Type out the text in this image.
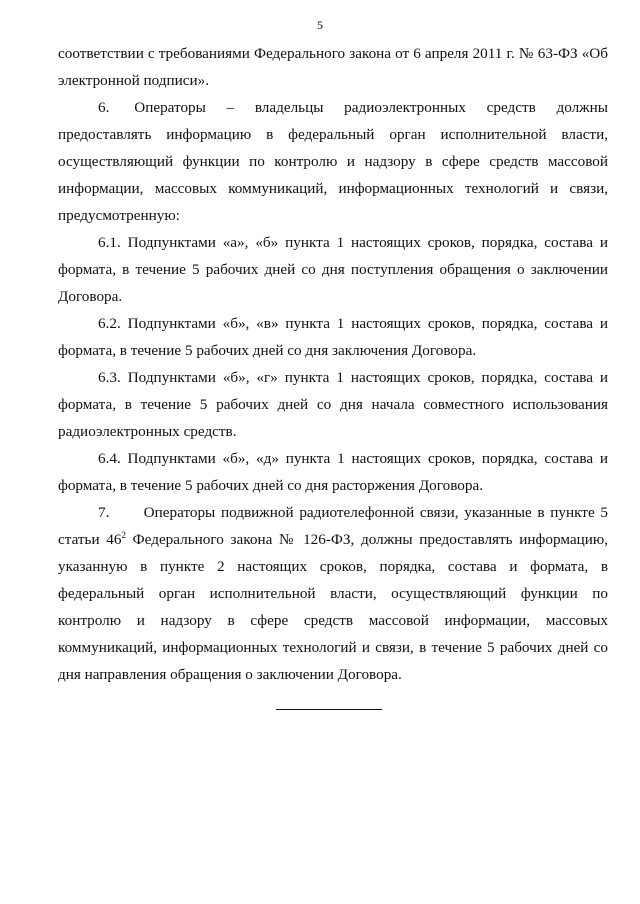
5

соответствии с требованиями Федерального закона от 6 апреля 2011 г. № 63-ФЗ «Об электронной подписи».

6.      Операторы     –     владельцы     радиоэлектронных     средств     должны предоставлять информацию в федеральный орган исполнительной власти, осуществляющий функции по контролю и надзору в сфере средств массовой информации, массовых коммуникаций, информационных технологий и связи, предусмотренную:

6.1. Подпунктами «а», «б» пункта 1 настоящих сроков, порядка, состава и формата, в течение 5 рабочих дней со дня поступления обращения о заключении Договора.

6.2. Подпунктами «б», «в» пункта 1 настоящих сроков, порядка, состава и формата, в течение 5 рабочих дней со дня заключения Договора.

6.3. Подпунктами «б», «г» пункта 1 настоящих сроков, порядка, состава и формата, в течение 5 рабочих дней со дня начала совместного использования радиоэлектронных средств.

6.4. Подпунктами «б», «д» пункта 1 настоящих сроков, порядка, состава и формата, в течение 5 рабочих дней со дня расторжения Договора.

7.      Операторы подвижной радиотелефонной связи, указанные в пункте 5 статьи $46^2$ Федерального закона № 126-ФЗ, должны предоставлять информацию, указанную в пункте 2 настоящих сроков, порядка, состава и формата, в федеральный орган исполнительной власти, осуществляющий функции по контролю и надзору в сфере средств массовой информации, массовых коммуникаций, информационных технологий и связи, в течение 5 рабочих дней со дня направления обращения о заключении Договора.
